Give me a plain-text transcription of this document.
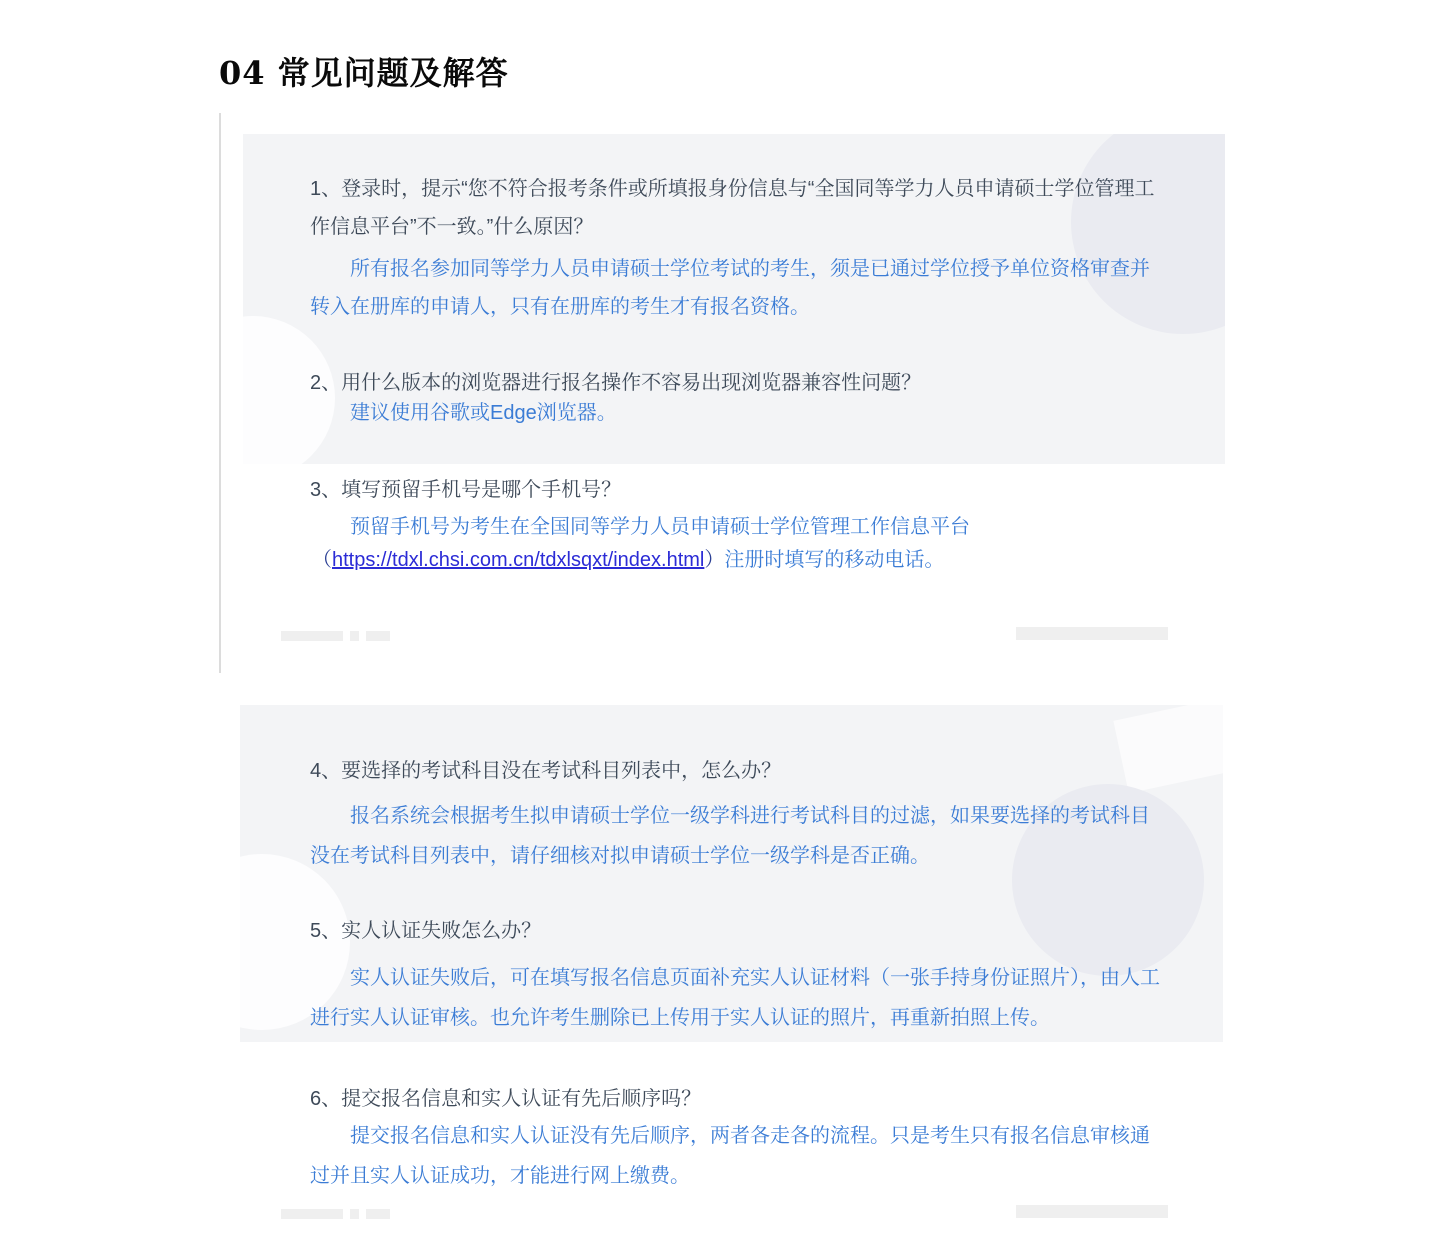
04 常见问题及解答
1、登录时，提示“您不符合报考条件或所填报身份信息与“全国同等学力人员申请硕士学位管理工作信息平台”不一致。”什么原因？
所有报名参加同等学力人员申请硕士学位考试的考生，须是已通过学位授予单位资格审查并转入在册库的申请人，只有在册库的考生才有报名资格。
2、用什么版本的浏览器进行报名操作不容易出现浏览器兼容性问题？
建议使用谷歌或Edge浏览器。
3、填写预留手机号是哪个手机号？
预留手机号为考生在全国同等学力人员申请硕士学位管理工作信息平台
（https://tdxl.chsi.com.cn/tdxlsqxt/index.html）注册时填写的移动电话。
4、要选择的考试科目没在考试科目列表中，怎么办？
报名系统会根据考生拟申请硕士学位一级学科进行考试科目的过滤，如果要选择的考试科目没在考试科目列表中，请仔细核对拟申请硕士学位一级学科是否正确。
5、实人认证失败怎么办？
实人认证失败后，可在填写报名信息页面补充实人认证材料（一张手持身份证照片），由人工进行实人认证审核。也允许考生删除已上传用于实人认证的照片，再重新拍照上传。
6、提交报名信息和实人认证有先后顺序吗？
提交报名信息和实人认证没有先后顺序，两者各走各的流程。只是考生只有报名信息审核通过并且实人认证成功，才能进行网上缴费。
